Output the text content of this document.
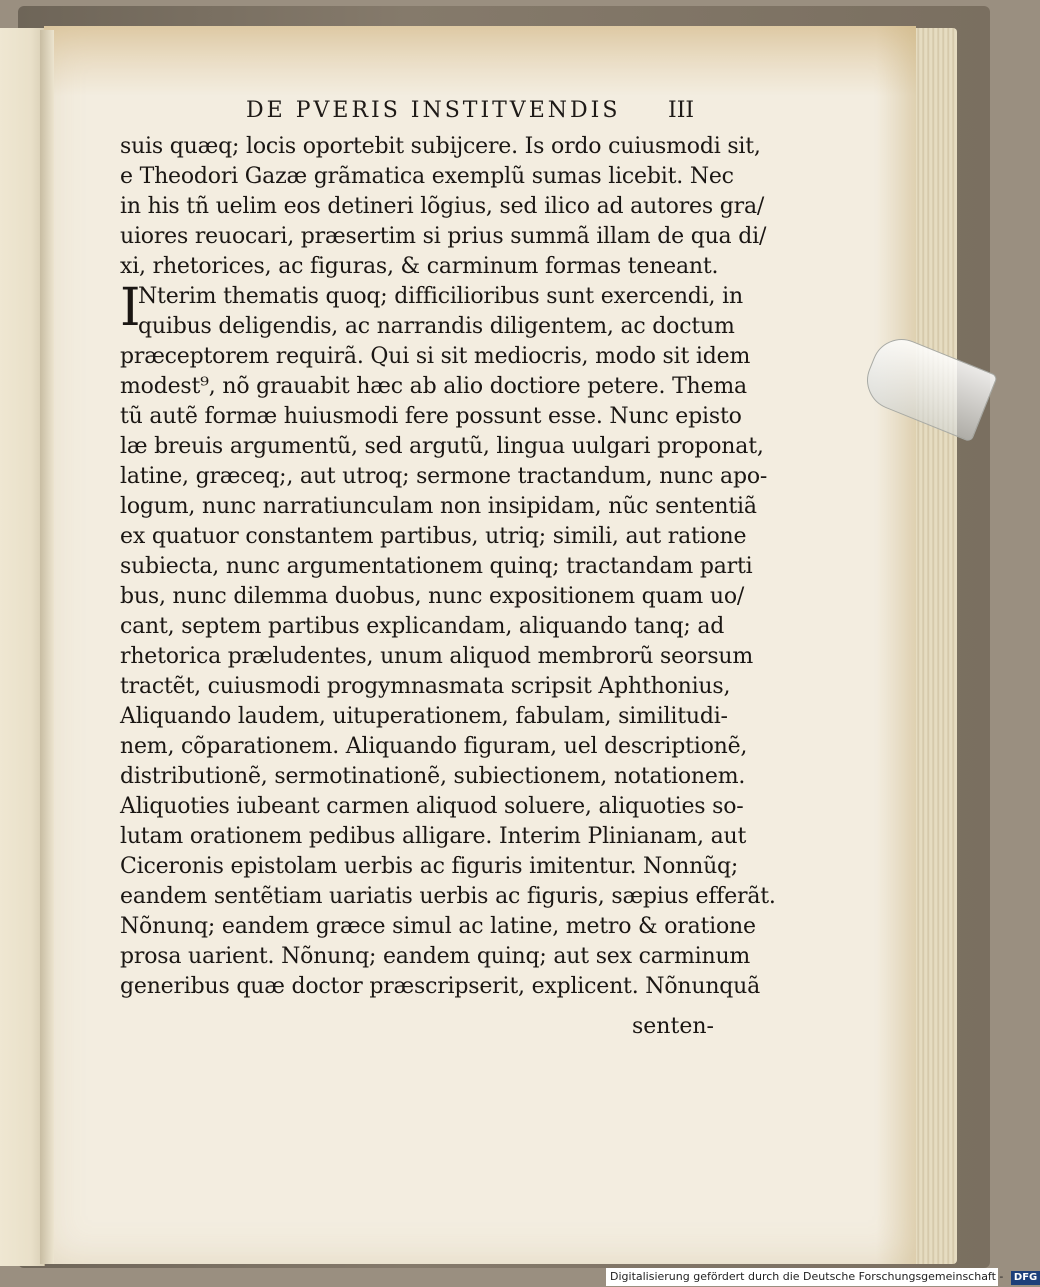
DE PVERIS INSTITVENDIS III
suis quæq; locis oportebit subijcere. Is ordo cuiusmodi sit,
e Theodori Gazæ grãmatica exemplũ sumas licebit. Nec
in his tñ uelim eos detineri lõgius, sed ilico ad autores gra/
uiores reuocari, præsertim si prius summã illam de qua di/
xi, rhetorices, ac figuras, & carminum formas teneant.
I
Nterim thematis quoq; difficilioribus sunt exercendi, in
quibus deligendis, ac narrandis diligentem, ac doctum
præceptorem requirã. Qui si sit mediocris, modo sit idem
modest⁹, nõ grauabit hæc ab alio doctiore petere. Thema
tũ autẽ formæ huiusmodi fere possunt esse. Nunc episto
læ breuis argumentũ, sed argutũ, lingua uulgari proponat,
latine, græceq;, aut utroq; sermone tractandum, nunc apo-
logum, nunc narratiunculam non insipidam, nũc sententiã
ex quatuor constantem partibus, utriq; simili, aut ratione
subiecta, nunc argumentationem quinq; tractandam parti
bus, nunc dilemma duobus, nunc expositionem quam uo/
cant, septem partibus explicandam, aliquando tanq; ad
rhetorica præludentes, unum aliquod membrorũ seorsum
tractẽt, cuiusmodi progymnasmata scripsit Aphthonius,
Aliquando laudem, uituperationem, fabulam, similitudi-
nem, cõparationem. Aliquando figuram, uel descriptionẽ,
distributionẽ, sermotinationẽ, subiectionem, notationem.
Aliquoties iubeant carmen aliquod soluere, aliquoties so-
lutam orationem pedibus alligare. Interim Plinianam, aut
Ciceronis epistolam uerbis ac figuris imitentur. Nonnũq;
eandem sentẽtiam uariatis uerbis ac figuris, sæpius efferãt.
Nõnunq; eandem græce simul ac latine, metro & oratione
prosa uarient. Nõnunq; eandem quinq; aut sex carminum
generibus quæ doctor præscripserit, explicent. Nõnunquã
senten-
Digitalisierung gefördert durch die Deutsche Forschungsgemeinschaft - DFG
